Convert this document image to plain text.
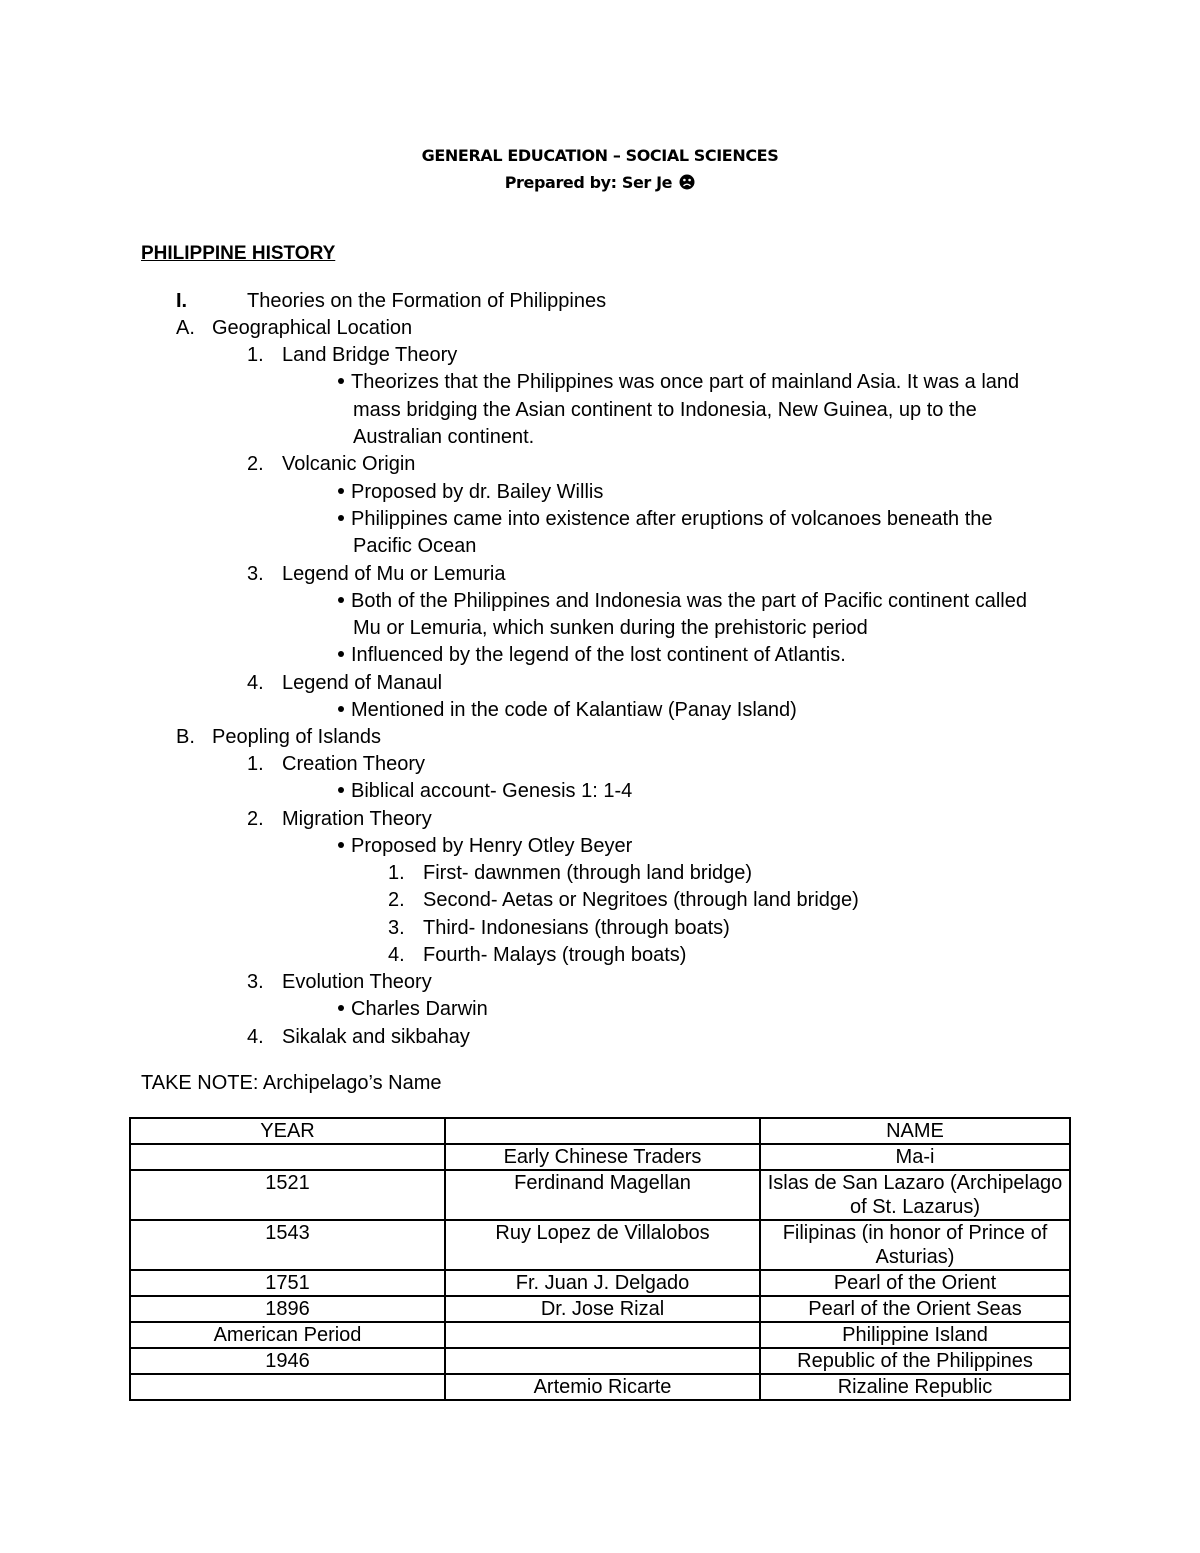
GENERAL EDUCATION – SOCIAL SCIENCES
Prepared by: Ser Je
PHILIPPINE HISTORY
I.	Theories on the Formation of Philippines
A. Geographical Location
1. Land Bridge Theory
Theorizes that the Philippines was once part of mainland Asia. It was a land
mass bridging the Asian continent to Indonesia, New Guinea, up to the
Australian continent.
2. Volcanic Origin
Proposed by dr. Bailey Willis
Philippines came into existence after eruptions of volcanoes beneath the
Pacific Ocean
3. Legend of Mu or Lemuria
Both of the Philippines and Indonesia was the part of Pacific continent called
Mu or Lemuria, which sunken during the prehistoric period
Influenced by the legend of the lost continent of Atlantis.
4. Legend of Manaul
Mentioned in the code of Kalantiaw (Panay Island)
B. Peopling of Islands
1. Creation Theory
Biblical account- Genesis 1: 1-4
2. Migration Theory
Proposed by Henry Otley Beyer
1. First- dawnmen (through land bridge)
2. Second- Aetas or Negritoes (through land bridge)
3. Third- Indonesians (through boats)
4. Fourth- Malays (trough boats)
3. Evolution Theory
Charles Darwin
4. Sikalak and sikbahay
TAKE NOTE: Archipelago’s Name
YEAR		NAME
	Early Chinese Traders	Ma-i
1521	Ferdinand Magellan	Islas de San Lazaro (Archipelago of St. Lazarus)
1543	Ruy Lopez de Villalobos	Filipinas (in honor of Prince of Asturias)
1751	Fr. Juan J. Delgado	Pearl of the Orient
1896	Dr. Jose Rizal	Pearl of the Orient Seas
American Period		Philippine Island
1946		Republic of the Philippines
	Artemio Ricarte	Rizaline Republic
